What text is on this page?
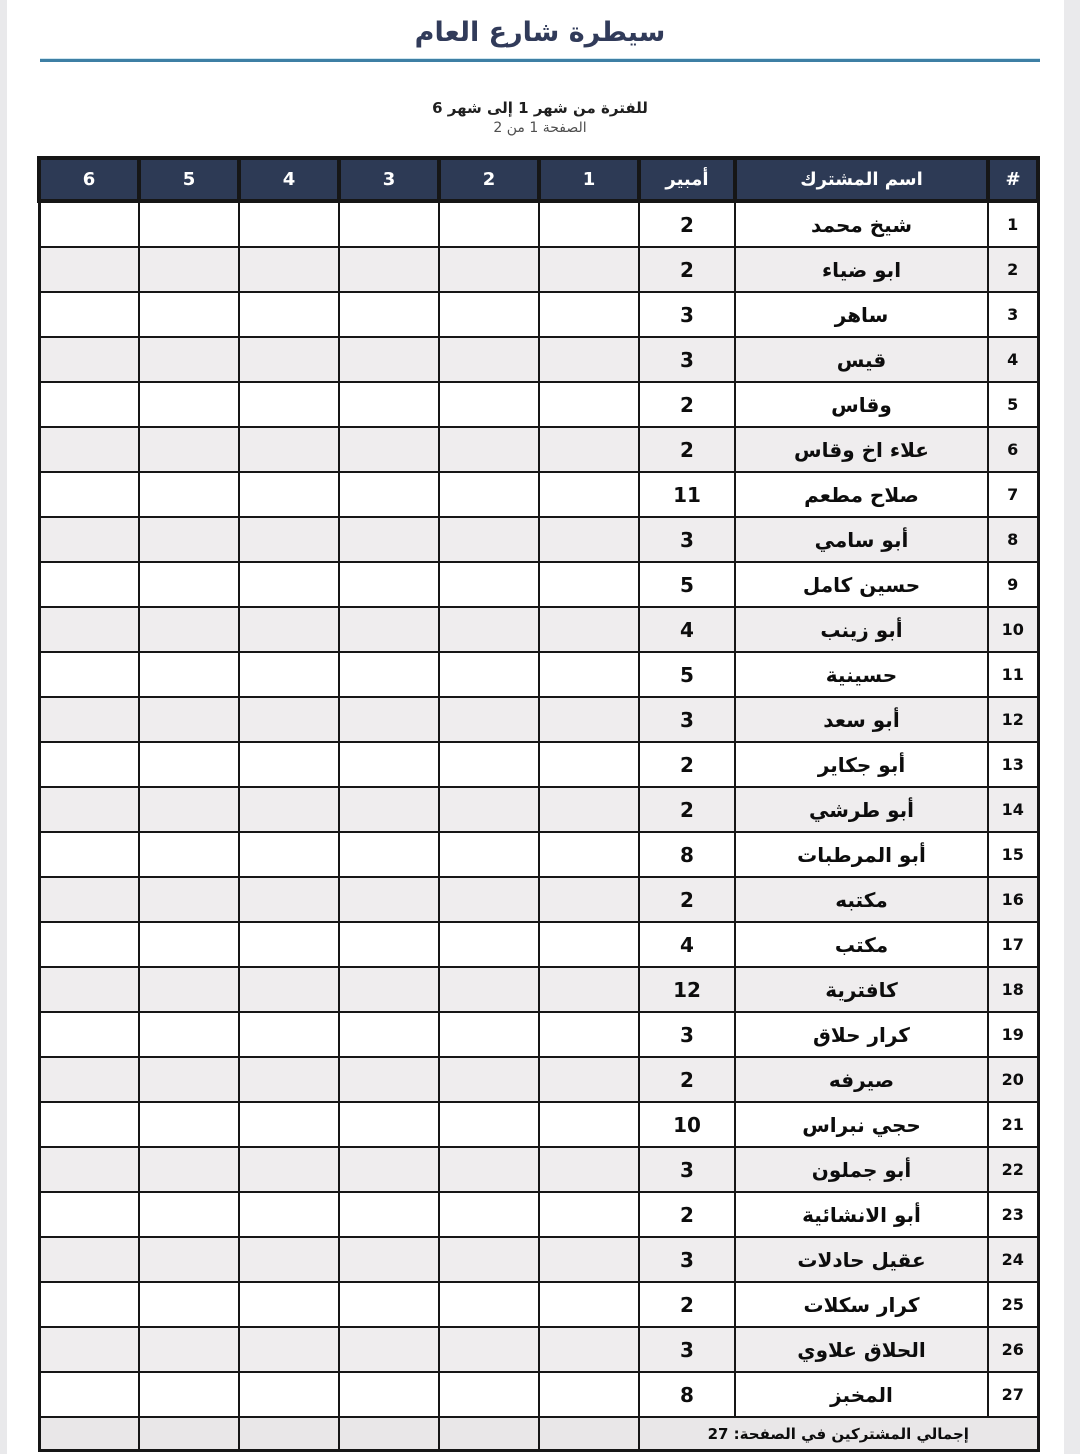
سيطرة شارع العام
للفترة من شهر 1 إلى شهر 6
الصفحة 1 من 2
#	اسم المشترك	أمبير	1	2	3	4	5	6
1	شيخ محمد	2						
2	ابو ضياء	2						
3	ساهر	3						
4	قيس	3						
5	وقاس	2						
6	علاء اخ وقاس	2						
7	صلاح مطعم	11						
8	أبو سامي	3						
9	حسين كامل	5						
10	أبو زينب	4						
11	حسينية	5						
12	أبو سعد	3						
13	أبو جكاير	2						
14	أبو طرشي	2						
15	أبو المرطبات	8						
16	مكتبه	2						
17	مكتب	4						
18	كافترية	12						
19	كرار حلاق	3						
20	صيرفه	2						
21	حجي نبراس	10						
22	أبو جملون	3						
23	أبو الانشائية	2						
24	عقيل حادلات	3						
25	كرار سكلات	2						
26	الحلاق علاوي	3						
27	المخبز	8						
إجمالي المشتركين في الصفحة: 27								
